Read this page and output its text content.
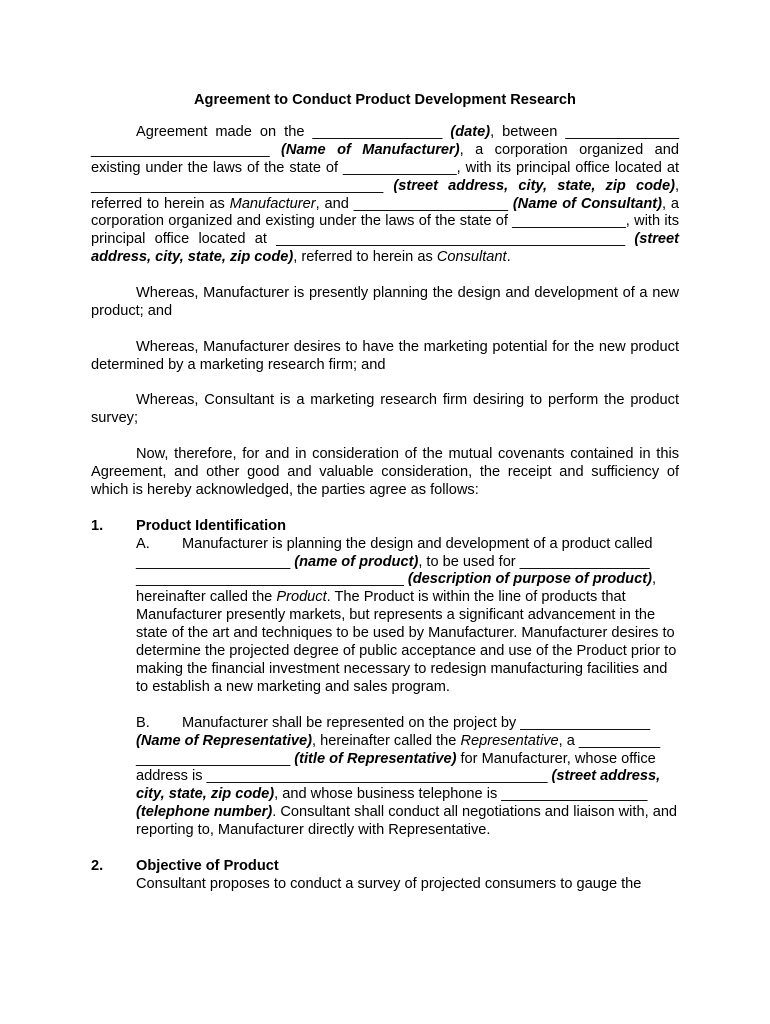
Agreement to Conduct Product Development Research

Agreement made on the ________________ (date), between ______________ ______________________ (Name of Manufacturer), a corporation organized and existing under the laws of the state of ______________, with its principal office located at ____________________________________ (street address, city, state, zip code), referred to herein as Manufacturer, and ___________________ (Name of Consultant), a corporation organized and existing under the laws of the state of ______________, with its principal office located at ___________________________________________ (street address, city, state, zip code), referred to herein as Consultant.

Whereas, Manufacturer is presently planning the design and development of a new product; and

Whereas, Manufacturer desires to have the marketing potential for the new product determined by a marketing research firm; and

Whereas, Consultant is a marketing research firm desiring to perform the product survey;

Now, therefore, for and in consideration of the mutual covenants contained in this Agreement, and other good and valuable consideration, the receipt and sufficiency of which is hereby acknowledged, the parties agree as follows:

1.	Product Identification

A. Manufacturer is planning the design and development of a product called ___________________ (name of product), to be used for ________________ _________________________________ (description of purpose of product), hereinafter called the Product. The Product is within the line of products that Manufacturer presently markets, but represents a significant advancement in the state of the art and techniques to be used by Manufacturer. Manufacturer desires to determine the projected degree of public acceptance and use of the Product prior to making the financial investment necessary to redesign manufacturing facilities and to establish a new marketing and sales program.

B. Manufacturer shall be represented on the project by ________________ (Name of Representative), hereinafter called the Representative, a __________ ___________________ (title of Representative) for Manufacturer, whose office address is __________________________________________ (street address, city, state, zip code), and whose business telephone is __________________ (telephone number). Consultant shall conduct all negotiations and liaison with, and reporting to, Manufacturer directly with Representative.

2.	Objective of Product
Consultant proposes to conduct a survey of projected consumers to gauge the
